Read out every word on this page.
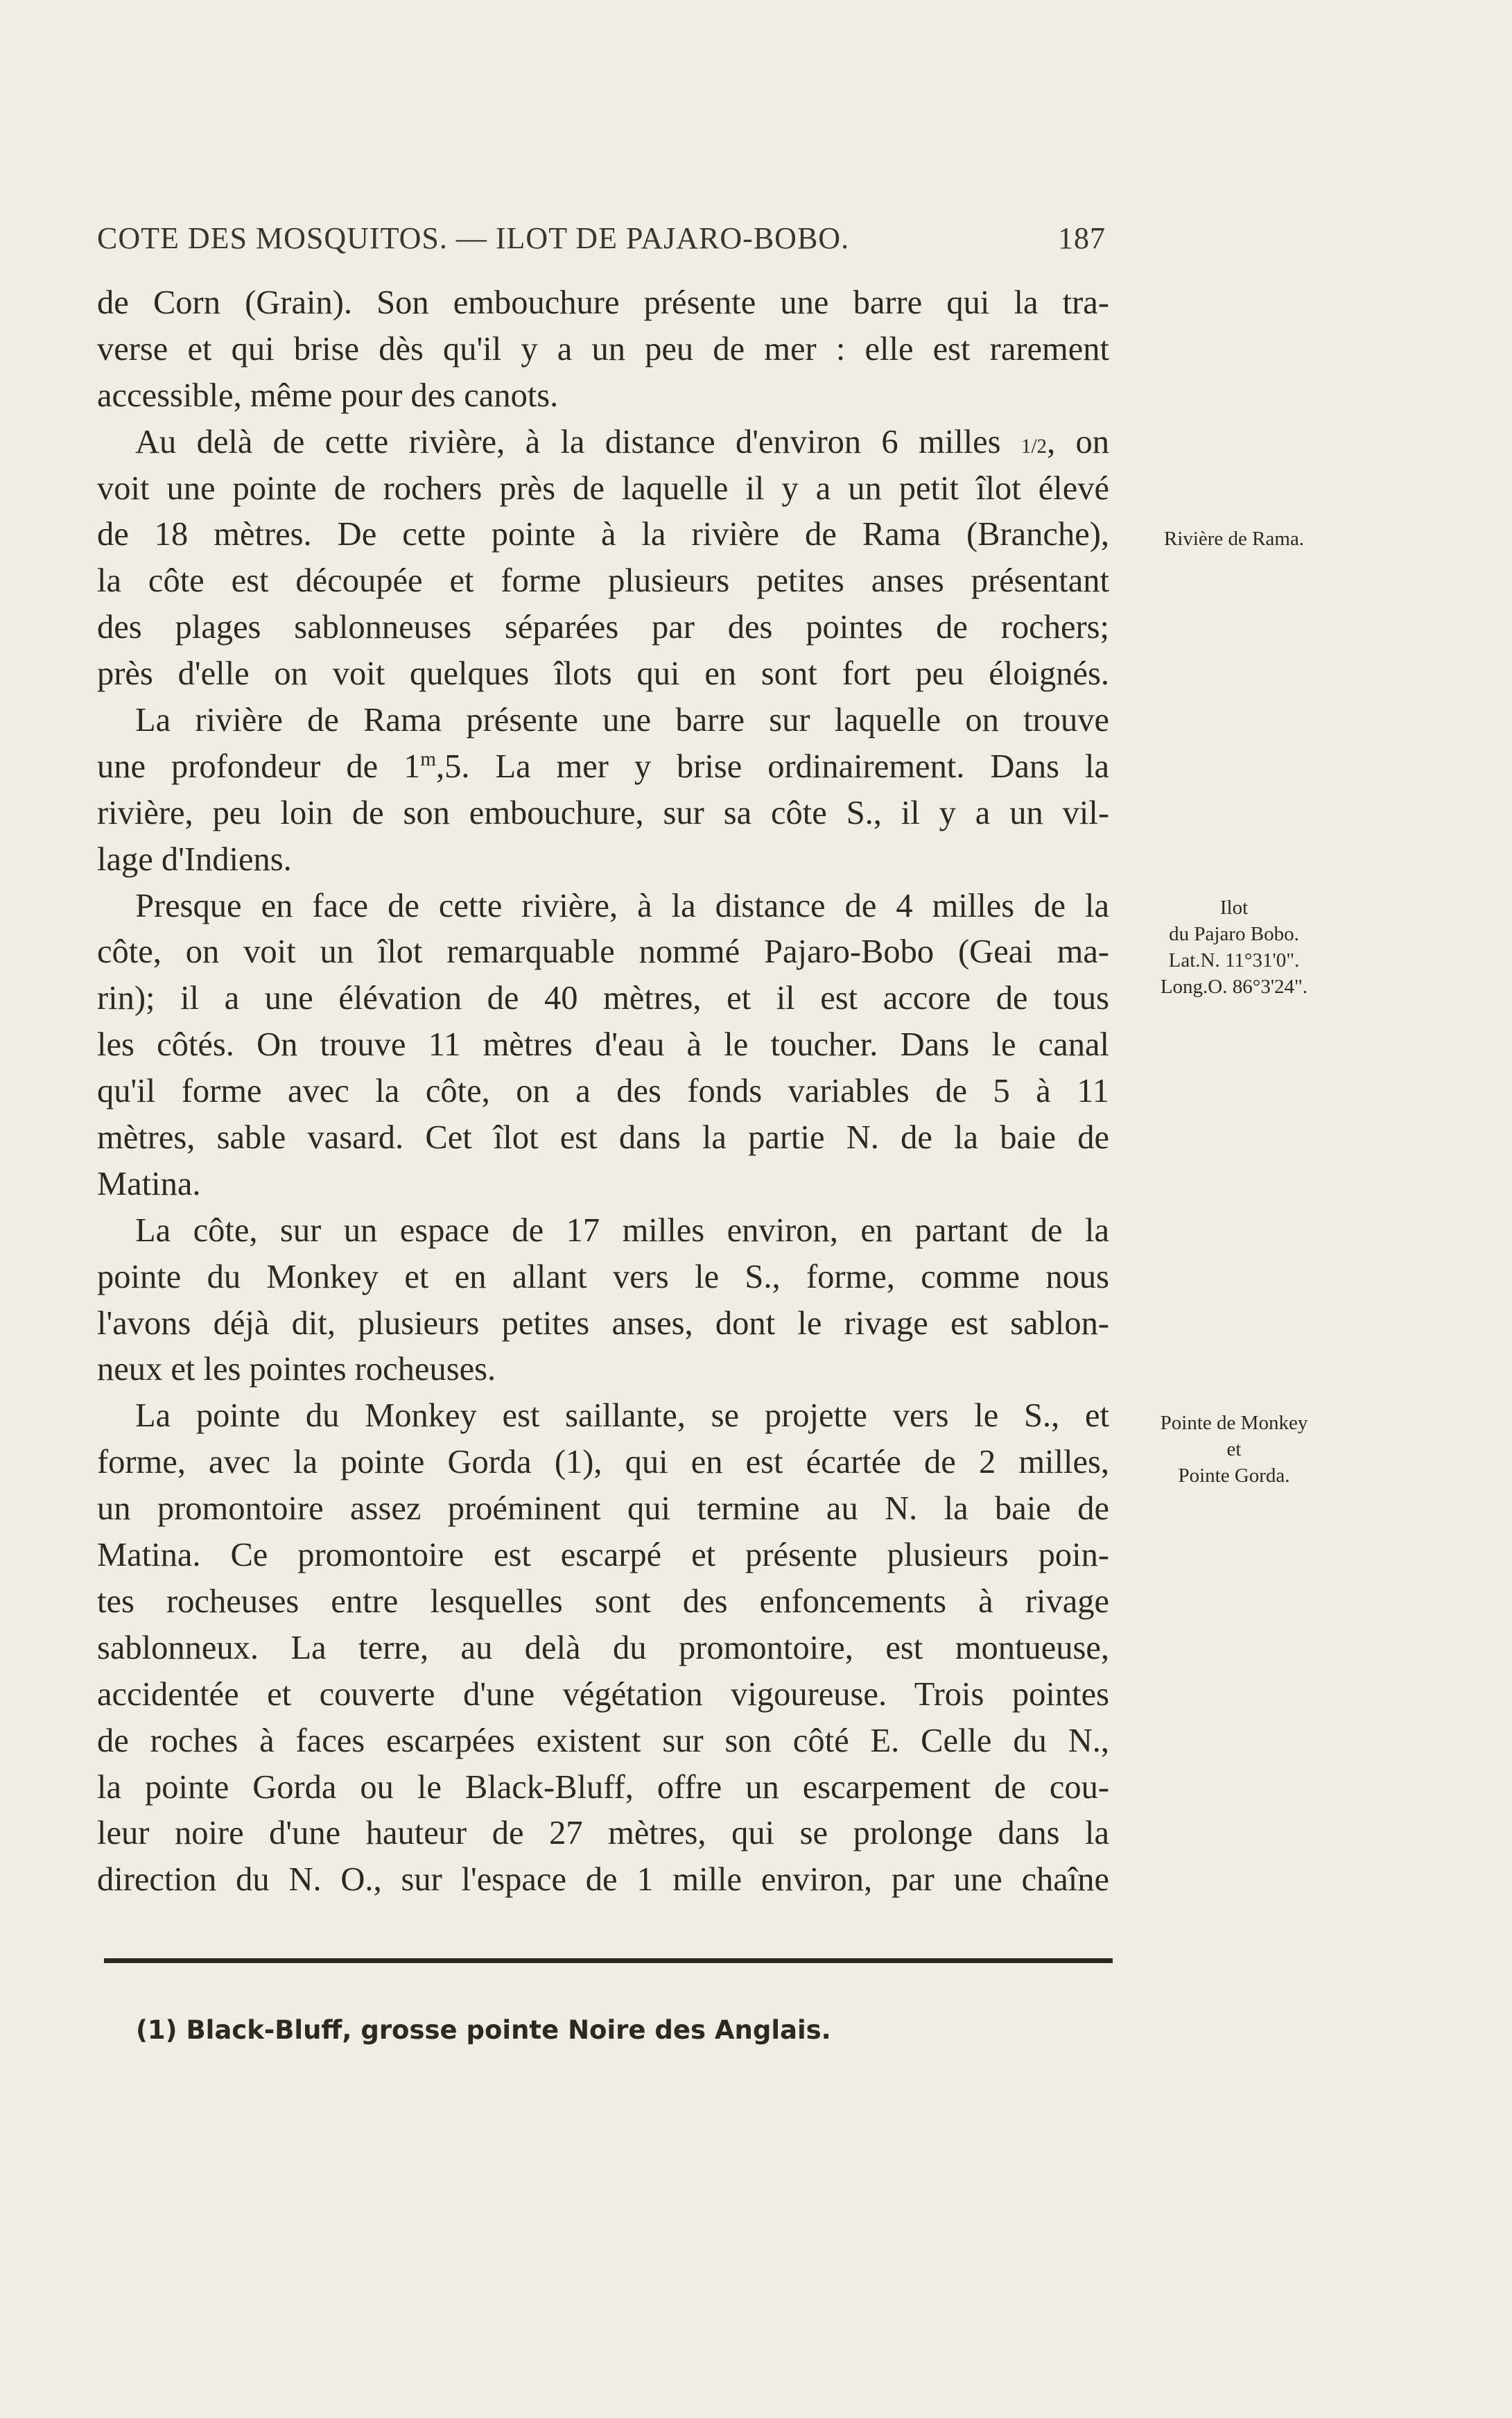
COTE DES MOSQUITOS. — ILOT DE PAJARO-BOBO.	187
de Corn (Grain). Son embouchure présente une barre qui la tra-
verse et qui brise dès qu'il y a un peu de mer : elle est rarement
accessible, même pour des canots.
Au delà de cette rivière, à la distance d'environ 6 milles 1/2, on
voit une pointe de rochers près de laquelle il y a un petit îlot élevé
de 18 mètres. De cette pointe à la rivière de Rama (Branche),
la côte est découpée et forme plusieurs petites anses présentant
des plages sablonneuses séparées par des pointes de rochers;
près d'elle on voit quelques îlots qui en sont fort peu éloignés.
La rivière de Rama présente une barre sur laquelle on trouve
une profondeur de 1$^m$,5. La mer y brise ordinairement. Dans la
rivière, peu loin de son embouchure, sur sa côte S., il y a un vil-
lage d'Indiens.
Presque en face de cette rivière, à la distance de 4 milles de la
côte, on voit un îlot remarquable nommé Pajaro-Bobo (Geai ma-
rin); il a une élévation de 40 mètres, et il est accore de tous
les côtés. On trouve 11 mètres d'eau à le toucher. Dans le canal
qu'il forme avec la côte, on a des fonds variables de 5 à 11
mètres, sable vasard. Cet îlot est dans la partie N. de la baie de
Matina.
La côte, sur un espace de 17 milles environ, en partant de la
pointe du Monkey et en allant vers le S., forme, comme nous
l'avons déjà dit, plusieurs petites anses, dont le rivage est sablon-
neux et les pointes rocheuses.
La pointe du Monkey est saillante, se projette vers le S., et
forme, avec la pointe Gorda (1), qui en est écartée de 2 milles,
un promontoire assez proéminent qui termine au N. la baie de
Matina. Ce promontoire est escarpé et présente plusieurs poin-
tes rocheuses entre lesquelles sont des enfoncements à rivage
sablonneux. La terre, au delà du promontoire, est montueuse,
accidentée et couverte d'une végétation vigoureuse. Trois pointes
de roches à faces escarpées existent sur son côté E. Celle du N.,
la pointe Gorda ou le Black-Bluff, offre un escarpement de cou-
leur noire d'une hauteur de 27 mètres, qui se prolonge dans la
direction du N. O., sur l'espace de 1 mille environ, par une chaîne
Rivière de Rama.
Ilot
du Pajaro Bobo.
Lat.N. 11°31'0".
Long.O. 86°3'24".
Pointe de Monkey
et
Pointe Gorda.
(1) Black-Bluff, grosse pointe Noire des Anglais.
